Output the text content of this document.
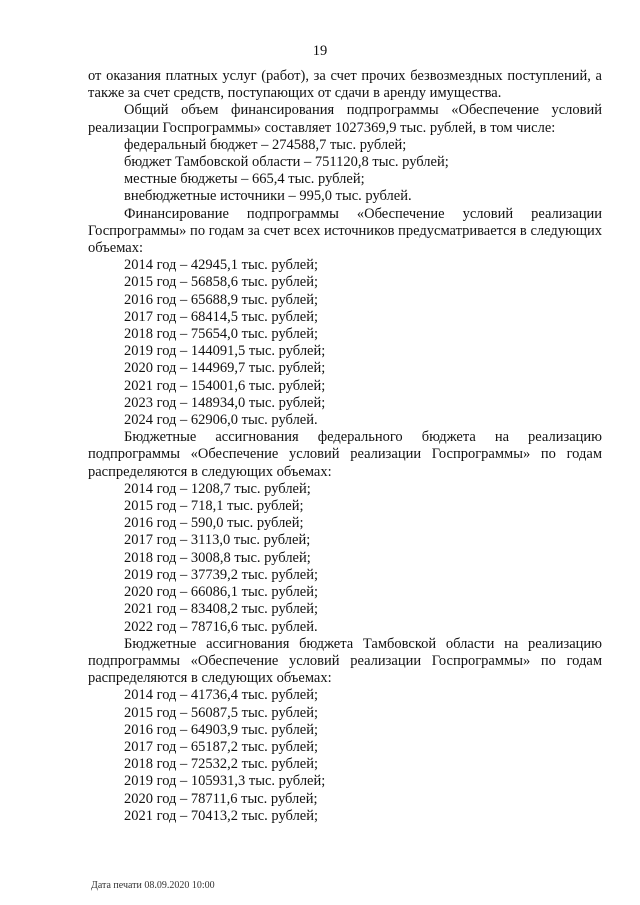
19

от оказания платных услуг (работ), за счет прочих безвозмездных поступлений, а также за счет средств, поступающих от сдачи в аренду имущества.

Общий объем финансирования подпрограммы «Обеспечение условий реализации Госпрограммы» составляет 1027369,9 тыс. рублей, в том числе:

федеральный бюджет – 274588,7 тыс. рублей;
бюджет Тамбовской области – 751120,8 тыс. рублей;
местные бюджеты – 665,4 тыс. рублей;
внебюджетные источники – 995,0 тыс. рублей.

Финансирование подпрограммы «Обеспечение условий реализации Госпрограммы» по годам за счет всех источников предусматривается в следующих объемах:

2014 год – 42945,1 тыс. рублей;
2015 год – 56858,6 тыс. рублей;
2016 год – 65688,9 тыс. рублей;
2017 год – 68414,5 тыс. рублей;
2018 год – 75654,0 тыс. рублей;
2019 год – 144091,5 тыс. рублей;
2020 год – 144969,7 тыс. рублей;
2021 год – 154001,6 тыс. рублей;
2023 год – 148934,0 тыс. рублей;
2024 год – 62906,0 тыс. рублей.

Бюджетные ассигнования федерального бюджета на реализацию подпрограммы «Обеспечение условий реализации Госпрограммы» по годам распределяются в следующих объемах:

2014 год – 1208,7 тыс. рублей;
2015 год – 718,1 тыс. рублей;
2016 год – 590,0 тыс. рублей;
2017 год – 3113,0 тыс. рублей;
2018 год – 3008,8 тыс. рублей;
2019 год – 37739,2 тыс. рублей;
2020 год – 66086,1 тыс. рублей;
2021 год – 83408,2 тыс. рублей;
2022 год – 78716,6 тыс. рублей.

Бюджетные ассигнования бюджета Тамбовской области на реализацию подпрограммы «Обеспечение условий реализации Госпрограммы» по годам распределяются в следующих объемах:

2014 год – 41736,4 тыс. рублей;
2015 год – 56087,5 тыс. рублей;
2016 год – 64903,9 тыс. рублей;
2017 год – 65187,2 тыс. рублей;
2018 год – 72532,2 тыс. рублей;
2019 год – 105931,3 тыс. рублей;
2020 год – 78711,6 тыс. рублей;
2021 год – 70413,2 тыс. рублей;
Дата печати 08.09.2020 10:00
